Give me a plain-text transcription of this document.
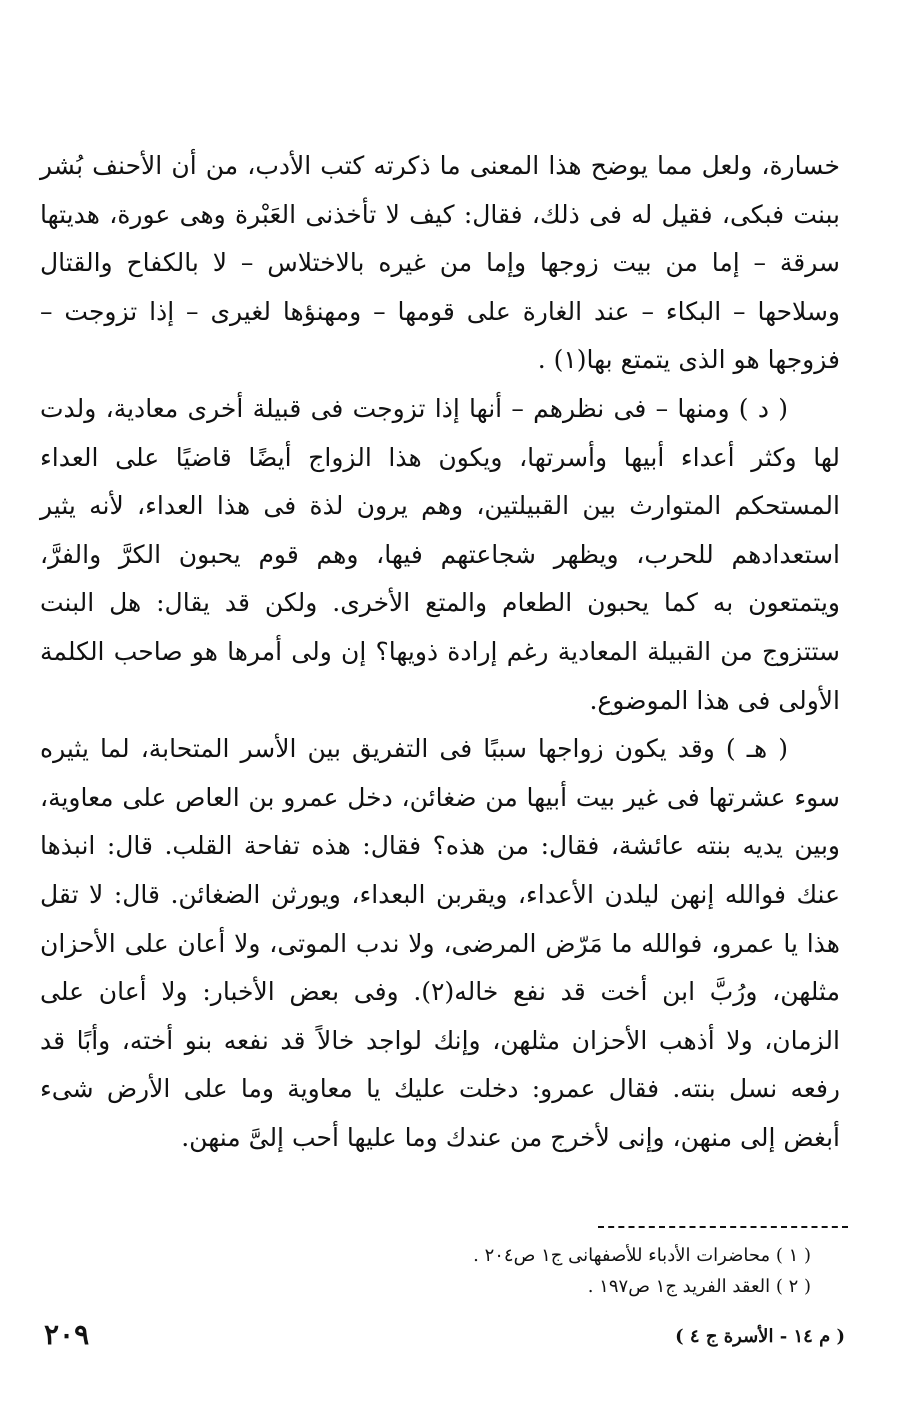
خسارة، ولعل مما يوضح هذا المعنى ما ذكرته كتب الأدب، من أن الأحنف بُشر ببنت فبكى، فقيل له فى ذلك، فقال: كيف لا تأخذنى العَبْرة وهى عورة، هديتها سرقة – إما من بيت زوجها وإما من غيره بالاختلاس – لا بالكفاح والقتال وسلاحها – البكاء – عند الغارة على قومها – ومهنؤها لغيرى – إذا تزوجت – فزوجها هو الذى يتمتع بها(١) .

( د ) ومنها – فى نظرهم – أنها إذا تزوجت فى قبيلة أخرى معادية، ولدت لها وكثر أعداء أبيها وأسرتها، ويكون هذا الزواج أيضًا قاضيًا على العداء المستحكم المتوارث بين القبيلتين، وهم يرون لذة فى هذا العداء، لأنه يثير استعدادهم للحرب، ويظهر شجاعتهم فيها، وهم قوم يحبون الكرَّ والفرَّ، ويتمتعون به كما يحبون الطعام والمتع الأخرى. ولكن قد يقال: هل البنت ستتزوج من القبيلة المعادية رغم إرادة ذويها؟ إن ولى أمرها هو صاحب الكلمة الأولى فى هذا الموضوع.

( هـ ) وقد يكون زواجها سببًا فى التفريق بين الأسر المتحابة، لما يثيره سوء عشرتها فى غير بيت أبيها من ضغائن، دخل عمرو بن العاص على معاوية، وبين يديه بنته عائشة، فقال: من هذه؟ فقال: هذه تفاحة القلب. قال: انبذها عنك فوالله إنهن ليلدن الأعداء، ويقربن البعداء، ويورثن الضغائن. قال: لا تقل هذا يا عمرو، فوالله ما مَرّض المرضى، ولا ندب الموتى، ولا أعان على الأحزان مثلهن، ورُبَّ ابن أخت قد نفع خاله(٢). وفى بعض الأخبار: ولا أعان على الزمان، ولا أذهب الأحزان مثلهن، وإنك لواجد خالاً قد نفعه بنو أخته، وأبًا قد رفعه نسل بنته. فقال عمرو: دخلت عليك يا معاوية وما على الأرض شىء أبغض إلى منهن، وإنى لأخرج من عندك وما عليها أحب إلىَّ منهن.

( ١ ) محاضرات الأدباء للأصفهانى ج١ ص٢٠٤ .

( ٢ ) العقد الفريد ج١ ص١٩٧ .

٢٠٩	( م ١٤ - الأسرة ج ٤ )
